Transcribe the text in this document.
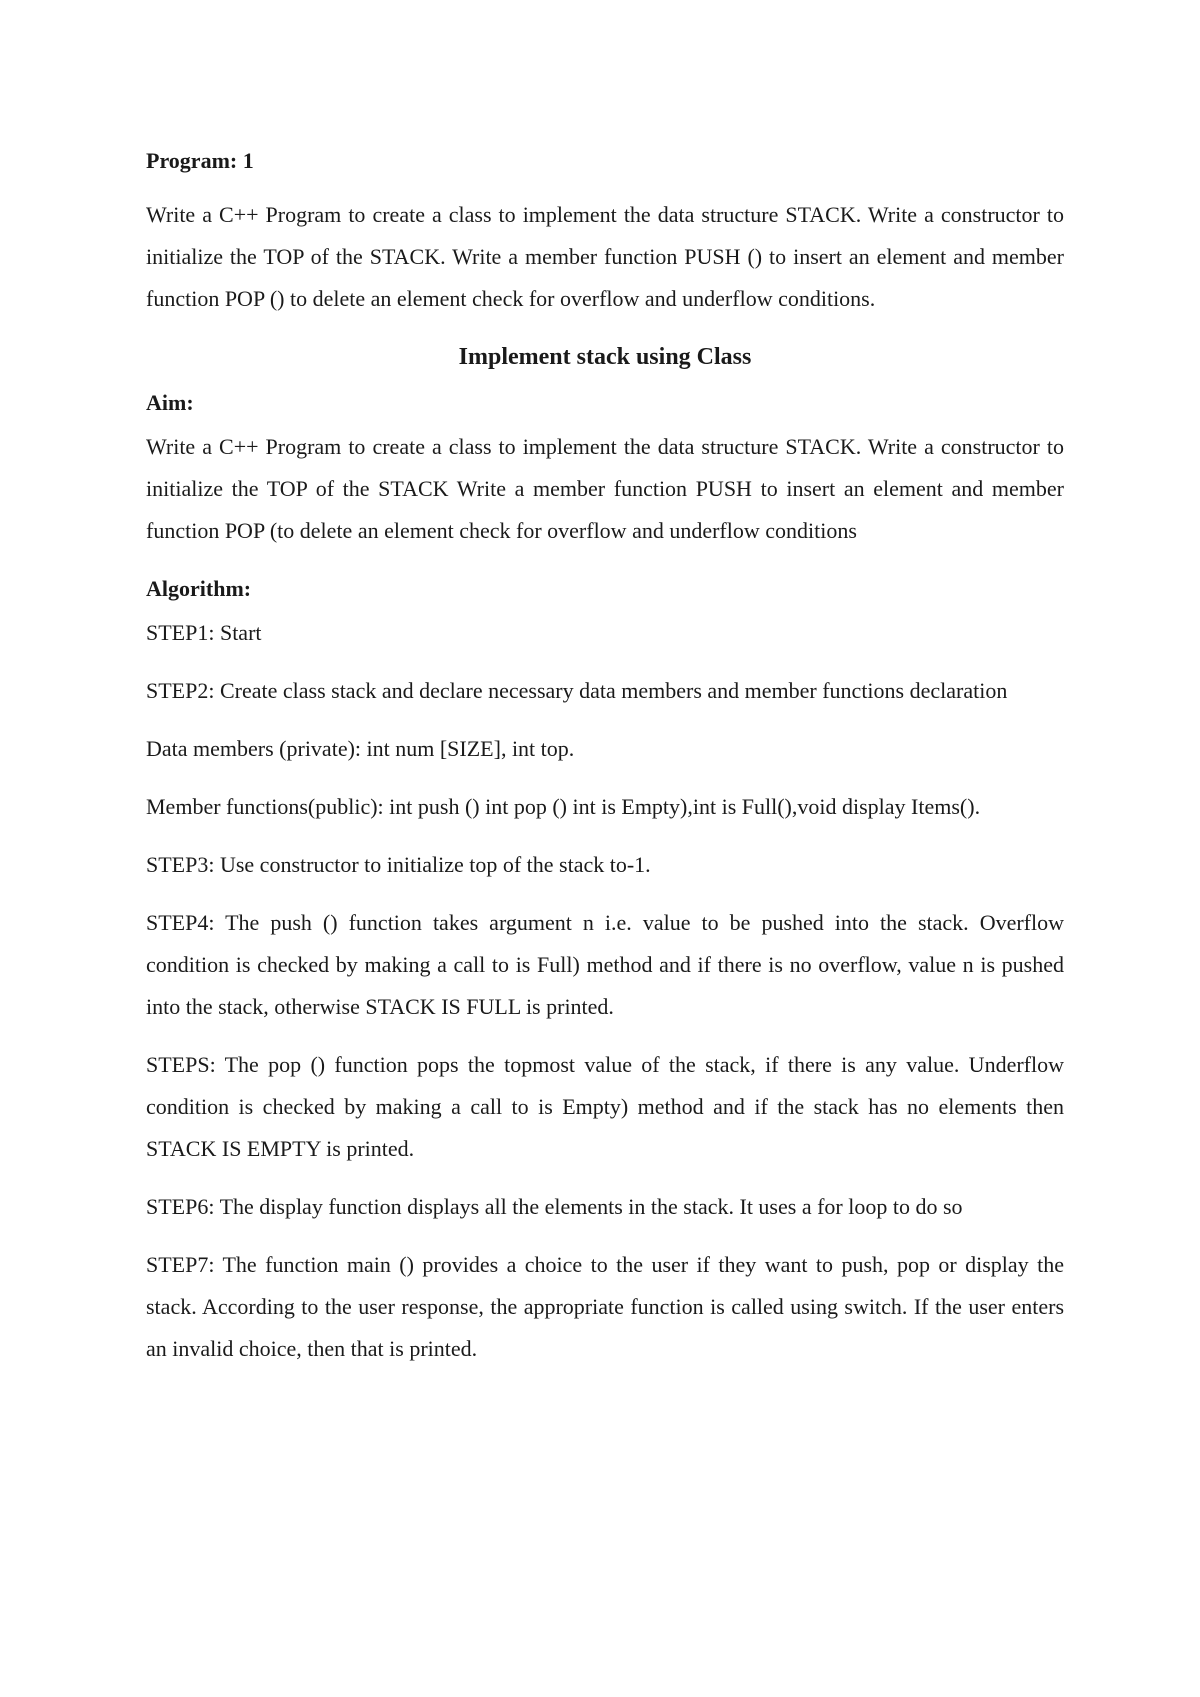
Program: 1

Write a C++ Program to create a class to implement the data structure STACK. Write a constructor to initialize the TOP of the STACK. Write a member function PUSH () to insert an element and member function POP () to delete an element check for overflow and underflow conditions.

Implement stack using Class

Aim:

Write a C++ Program to create a class to implement the data structure STACK. Write a constructor to initialize the TOP of the STACK Write a member function PUSH to insert an element and member function POP (to delete an element check for overflow and underflow conditions

Algorithm:

STEP1: Start

STEP2: Create class stack and declare necessary data members and member functions declaration

Data members (private): int num [SIZE], int top.

Member functions(public): int push () int pop () int is Empty),int is Full(),void display Items().

STEP3: Use constructor to initialize top of the stack to-1.

STEP4: The push () function takes argument n i.e. value to be pushed into the stack. Overflow condition is checked by making a call to is Full) method and if there is no overflow, value n is pushed into the stack, otherwise STACK IS FULL is printed.

STEPS: The pop () function pops the topmost value of the stack, if there is any value. Underflow condition is checked by making a call to is Empty) method and if the stack has no elements then STACK IS EMPTY is printed.

STEP6: The display function displays all the elements in the stack. It uses a for loop to do so

STEP7: The function main () provides a choice to the user if they want to push, pop or display the stack. According to the user response, the appropriate function is called using switch. If the user enters an invalid choice, then that is printed.
